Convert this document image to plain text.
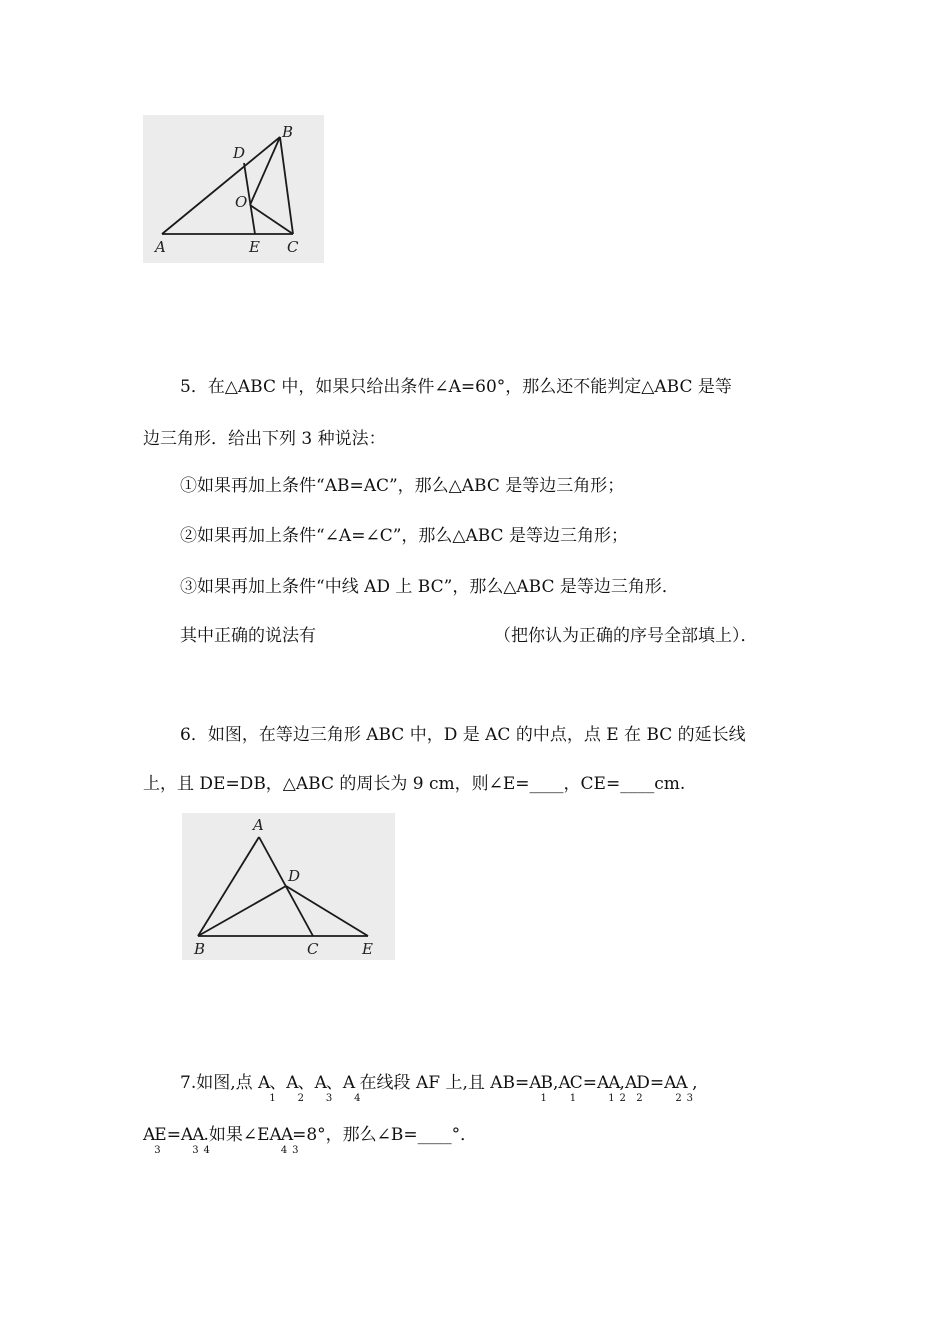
A
B
C
D
E
O
5．在△ABC 中，如果只给出条件∠A=60°，那么还不能判定△ABC 是等
边三角形．给出下列 3 种说法：
①如果再加上条件“AB=AC”，那么△ABC 是等边三角形；
②如果再加上条件“∠A=∠C”，那么△ABC 是等边三角形；
③如果再加上条件“中线 AD 上 BC”，那么△ABC 是等边三角形．
其中正确的说法有	（把你认为正确的序号全部填上）．
6．如图，在等边三角形 ABC 中，D 是 AC 的中点，点 E 在 BC 的延长线
上，且 DE=DB，△ABC 的周长为 9 cm，则∠E=____，CE=____cm.
A
B	C
D
E
7.如图,点 A1、A2、A3、A4 在线段 AF 上,且 AB=A1B,A1C=A1A2,A2D=A2A3 ,
A3E=A3A4.如果∠EA4A3=8°，那么∠B=____°．
